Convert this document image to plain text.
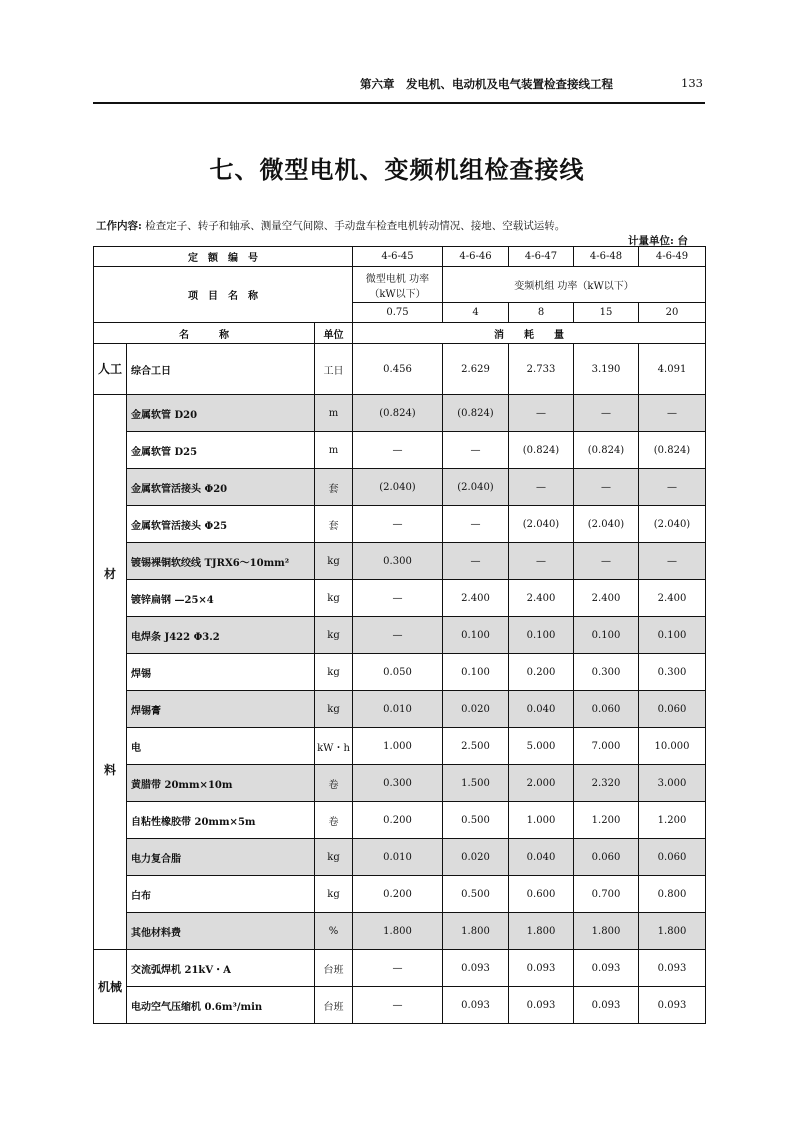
第六章　发电机、电动机及电气装置检查接线工程	133
七、微型电机、变频机组检查接线
工作内容: 检查定子、转子和轴承、测量空气间隙、手动盘车检查电机转动情况、接地、空载试运转。
计量单位: 台
定　额　编　号			4-6-45	4-6-46	4-6-47	4-6-48	4-6-49
项　目　名　称			微型电机 功率（kW以下）	变频机组 功率（kW以下）			
			0.75	4	8	15	20
名　　　称		单位	消　　耗　　量				

人工	综合工日	工日	0.456	2.629	2.733	3.190	4.091

材
料	金属软管 D20	m	(0.824)	(0.824)	—	—	—
	金属软管 D25	m	—	—	(0.824)	(0.824)	(0.824)
	金属软管活接头 Φ20	套	(2.040)	(2.040)	—	—	—
	金属软管活接头 Φ25	套	—	—	(2.040)	(2.040)	(2.040)
	镀锡裸铜软绞线 TJRX6～10mm²	kg	0.300	—	—	—	—
	镀锌扁钢 —25×4	kg	—	2.400	2.400	2.400	2.400
	电焊条 J422 Φ3.2	kg	—	0.100	0.100	0.100	0.100
	焊锡	kg	0.050	0.100	0.200	0.300	0.300
	焊锡膏	kg	0.010	0.020	0.040	0.060	0.060
	电	kW・h	1.000	2.500	5.000	7.000	10.000
	黄腊带 20mm×10m	卷	0.300	1.500	2.000	2.320	3.000
	自粘性橡胶带 20mm×5m	卷	0.200	0.500	1.000	1.200	1.200
	电力复合脂	kg	0.010	0.020	0.040	0.060	0.060
	白布	kg	0.200	0.500	0.600	0.700	0.800
	其他材料费	%	1.800	1.800	1.800	1.800	1.800

机械	交流弧焊机 21kV・A	台班	—	0.093	0.093	0.093	0.093
	电动空气压缩机 0.6m³/min	台班	—	0.093	0.093	0.093	0.093
